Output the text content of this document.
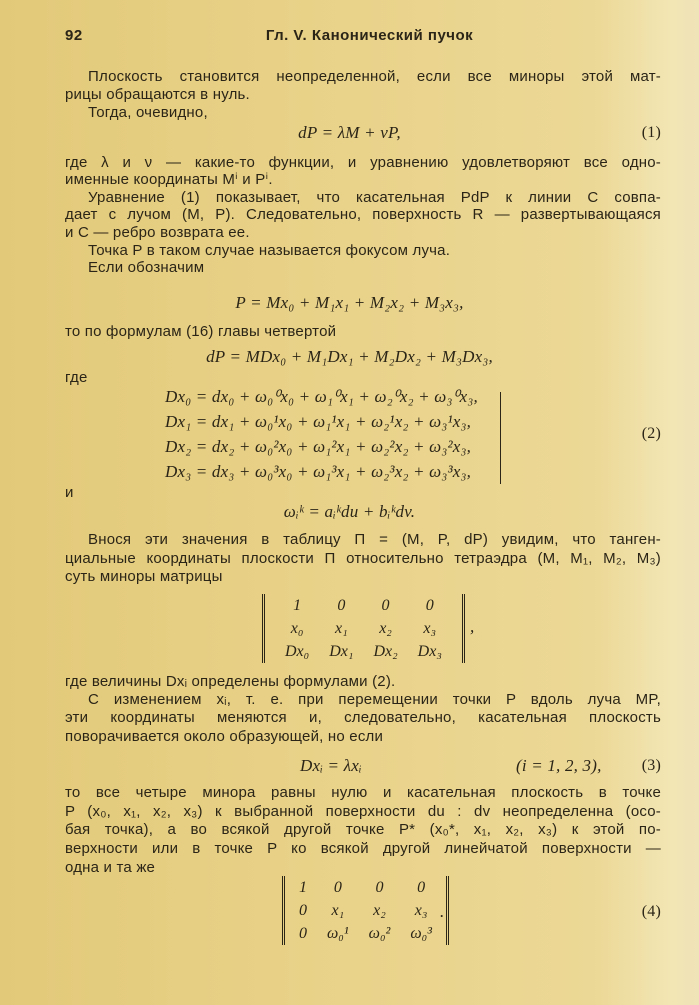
92	Гл. V. Канонический пучок
Плоскость становится неопределенной, если все миноры этой мат-
рицы обращаются в нуль.
Тогда, очевидно,
dP = λM + νP,	(1)
где λ и ν — какие-то функции, и уравнению удовлетворяют все одно-
именные координаты Mⁱ и Pⁱ.
Уравнение (1) показывает, что касательная PdP к линии C совпа-
дает с лучом (M, P). Следовательно, поверхность R — развертывающаяся
и C — ребро возврата ее.
Точка P в таком случае называется фокусом луча.
Если обозначим
P = Mx₀ + M₁x₁ + M₂x₂ + M₃x₃,
то по формулам (16) главы четвертой
dP = MDx₀ + M₁Dx₁ + M₂Dx₂ + M₃Dx₃,
где
Dx₀ = dx₀ + ω₀⁰x₀ + ω₁⁰x₁ + ω₂⁰x₂ + ω₃⁰x₃,
Dx₁ = dx₁ + ω₀¹x₀ + ω₁¹x₁ + ω₂¹x₂ + ω₃¹x₃,
Dx₂ = dx₂ + ω₀²x₀ + ω₁²x₁ + ω₂²x₂ + ω₃²x₃,
Dx₃ = dx₃ + ω₀³x₀ + ω₁³x₁ + ω₂³x₂ + ω₃³x₃,
(2)
и
ωᵢᵏ = aᵢᵏdu + bᵢᵏdv.
Внося эти значения в таблицу Π = (M, P, dP) увидим, что танген-
циальные координаты плоскости Π относительно тетраэдра (M, M₁, M₂, M₃)
суть миноры матрицы
1	0	0	0
x₀	x₁	x₂	x₃
Dx₀	Dx₁	Dx₂	Dx₃
,
где величины Dxᵢ определены формулами (2).
С изменением xᵢ, т. е. при перемещении точки P вдоль луча MP,
эти координаты меняются и, следовательно, касательная плоскость
поворачивается около образующей, но если
Dxᵢ = λxᵢ	(i = 1, 2, 3),	(3)
то все четыре минора равны нулю и касательная плоскость в точке
P (x₀, x₁, x₂, x₃) к выбранной поверхности du : dv неопределенна (осо-
бая точка), а во всякой другой точке P* (x₀*, x₁, x₂, x₃) к этой по-
верхности или в точке P ко всякой другой линейчатой поверхности —
одна и та же
1	0	0	0
0	x₁	x₂	x₃
0	ω₀¹	ω₀²	ω₀³
.	(4)
